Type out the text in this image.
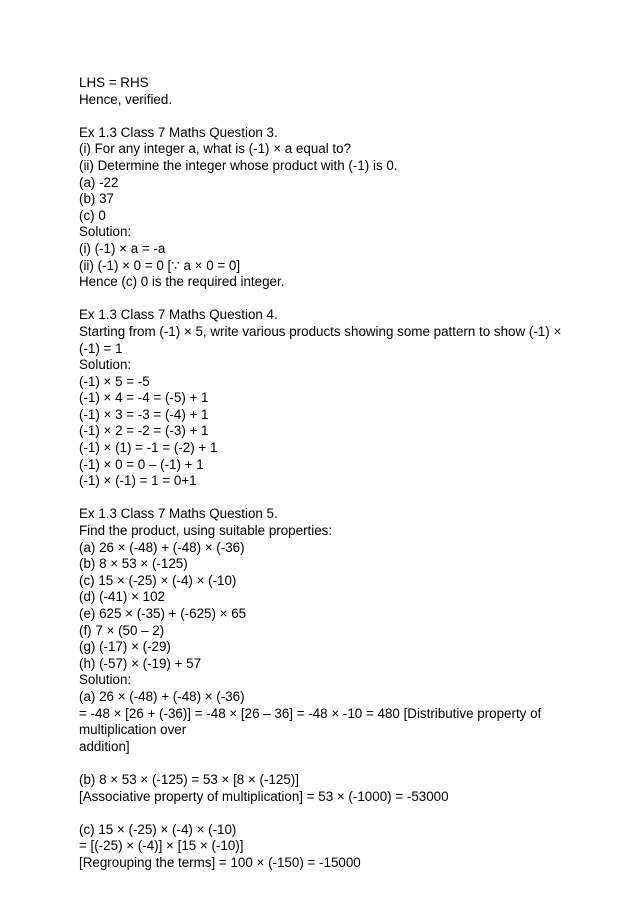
LHS = RHS

Hence, verified.

Ex 1.3 Class 7 Maths Question 3.

(i) For any integer a, what is (-1) × a equal to?

(ii) Determine the integer whose product with (-1) is 0.

(a) -22

(b) 37

(c) 0

Solution:

(i) (-1) × a = -a

(ii) (-1) × 0 = 0 [∵ a × 0 = 0]

Hence (c) 0 is the required integer.

Ex 1.3 Class 7 Maths Question 4.

Starting from (-1) × 5, write various products showing some pattern to show (-1) × (-1) = 1

Solution:

(-1) × 5 = -5

(-1) × 4 = -4 = (-5) + 1

(-1) × 3 = -3 = (-4) + 1

(-1) × 2 = -2 = (-3) + 1

(-1) × (1) = -1 = (-2) + 1

(-1) × 0 = 0 – (-1) + 1

(-1) × (-1) = 1 = 0+1

Ex 1.3 Class 7 Maths Question 5.

Find the product, using suitable properties:

(a) 26 × (-48) + (-48) × (-36)

(b) 8 × 53 × (-125)

(c) 15 × (-25) × (-4) × (-10)

(d) (-41) × 102

(e) 625 × (-35) + (-625) × 65

(f) 7 × (50 – 2)

(g) (-17) × (-29)

(h) (-57) × (-19) + 57

Solution:

(a) 26 × (-48) + (-48) × (-36)

= -48 × [26 + (-36)] = -48 × [26 – 36] = -48 × -10 = 480 [Distributive property of

multiplication over

addition]

(b) 8 × 53 × (-125) = 53 × [8 × (-125)]

[Associative property of multiplication] = 53 × (-1000) = -53000

(c) 15 × (-25) × (-4) × (-10)

= [(-25) × (-4)] × [15 × (-10)]

[Regrouping the terms] = 100 × (-150) = -15000
